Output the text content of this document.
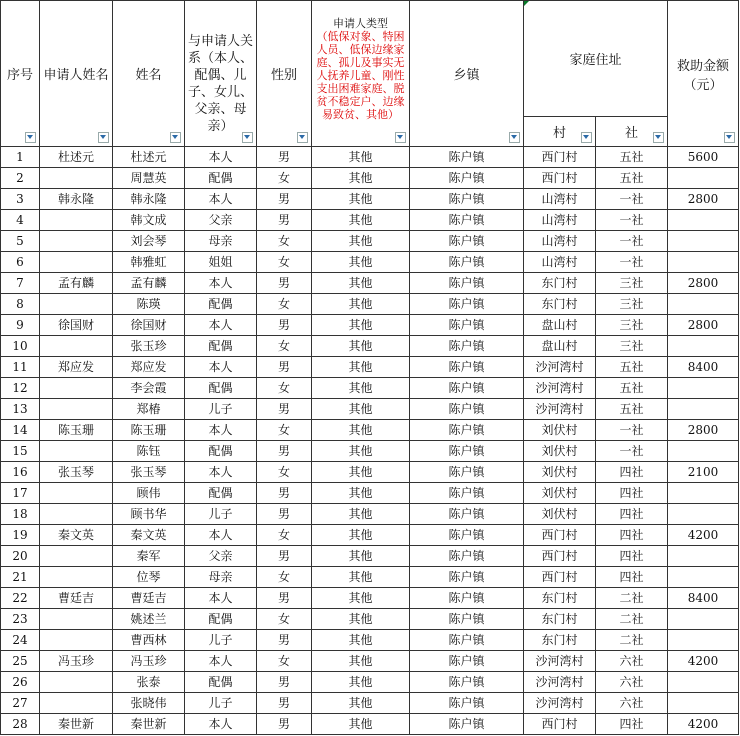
序号	申请人姓名	姓名	与申请人关系（本人、配偶、儿子、女儿、父亲、母亲）	性别	申请人类型
（低保对象、特困人员、低保边缘家庭、孤儿及事实无人抚养儿童、刚性支出困难家庭、脱贫不稳定户、边缘易致贫、其他）	乡镇	家庭住址		救助金额（元）

							村	社	

1	杜述元	杜述元	本人	男	其他	陈户镇	西门村	五社	5600
2		周慧英	配偶	女	其他	陈户镇	西门村	五社	
3	韩永隆	韩永隆	本人	男	其他	陈户镇	山湾村	一社	2800
4		韩文成	父亲	男	其他	陈户镇	山湾村	一社	
5		刘会琴	母亲	女	其他	陈户镇	山湾村	一社	
6		韩雅虹	姐姐	女	其他	陈户镇	山湾村	一社	
7	孟有麟	孟有麟	本人	男	其他	陈户镇	东门村	三社	2800
8		陈瑛	配偶	女	其他	陈户镇	东门村	三社	
9	徐国财	徐国财	本人	男	其他	陈户镇	盘山村	三社	2800
10		张玉珍	配偶	女	其他	陈户镇	盘山村	三社	
11	郑应发	郑应发	本人	男	其他	陈户镇	沙河湾村	五社	8400
12		李会霞	配偶	女	其他	陈户镇	沙河湾村	五社	
13		郑椿	儿子	男	其他	陈户镇	沙河湾村	五社	
14	陈玉珊	陈玉珊	本人	女	其他	陈户镇	刘伏村	一社	2800
15		陈钰	配偶	男	其他	陈户镇	刘伏村	一社	
16	张玉琴	张玉琴	本人	女	其他	陈户镇	刘伏村	四社	2100
17		顾伟	配偶	男	其他	陈户镇	刘伏村	四社	
18		顾书华	儿子	男	其他	陈户镇	刘伏村	四社	
19	秦文英	秦文英	本人	女	其他	陈户镇	西门村	四社	4200
20		秦军	父亲	男	其他	陈户镇	西门村	四社	
21		位琴	母亲	女	其他	陈户镇	西门村	四社	
22	曹廷吉	曹廷吉	本人	男	其他	陈户镇	东门村	二社	8400
23		姚述兰	配偶	女	其他	陈户镇	东门村	二社	
24		曹西林	儿子	男	其他	陈户镇	东门村	二社	
25	冯玉珍	冯玉珍	本人	女	其他	陈户镇	沙河湾村	六社	4200
26		张泰	配偶	男	其他	陈户镇	沙河湾村	六社	
27		张晓伟	儿子	男	其他	陈户镇	沙河湾村	六社	
28	秦世新	秦世新	本人	男	其他	陈户镇	西门村	四社	4200
